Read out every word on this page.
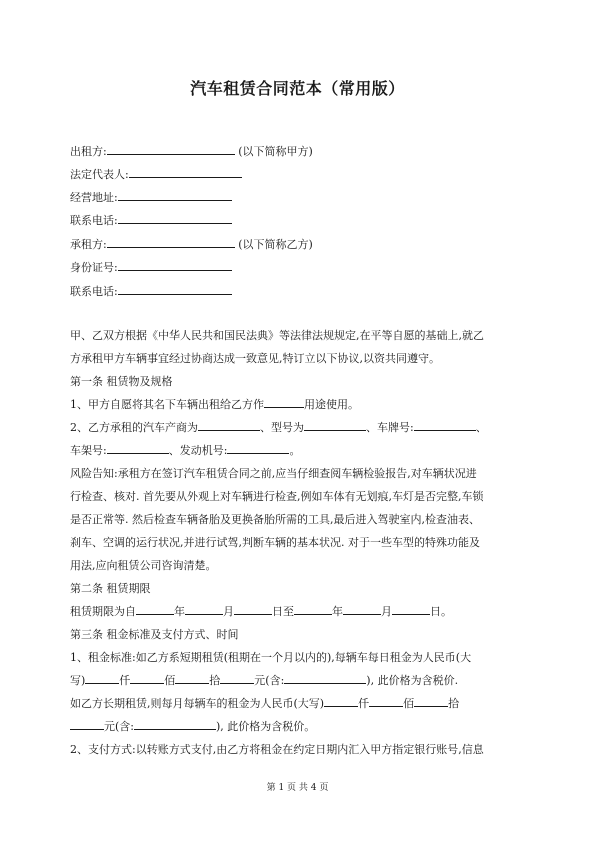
汽车租赁合同范本（常用版）
出租方:	(以下简称甲方)
法定代表人:
经营地址:
联系电话:
承租方:	(以下简称乙方)
身份证号:
联系电话:
甲、乙双方根据《中华人民共和国民法典》等法律法规规定,在平等自愿的基础上,就乙
方承租甲方车辆事宜经过协商达成一致意见,特订立以下协议,以资共同遵守。
第一条 租赁物及规格
1、甲方自愿将其名下车辆出租给乙方作	用途使用。
2、乙方承租的汽车产商为	、型号为	、车牌号:	、
车架号:	、发动机号:	。
风险告知:承租方在签订汽车租赁合同之前,应当仔细查阅车辆检验报告,对车辆状况进
行检查、核对. 首先要从外观上对车辆进行检查,例如车体有无划痕,车灯是否完整,车锁
是否正常等. 然后检查车辆备胎及更换备胎所需的工具,最后进入驾驶室内,检查油表、
刹车、空调的运行状况,并进行试驾,判断车辆的基本状况. 对于一些车型的特殊功能及
用法,应向租赁公司咨询清楚。
第二条 租赁期限
租赁期限为自	年	月	日至	年	月	日。
第三条 租金标准及支付方式、时间
1、租金标准:如乙方系短期租赁(租期在一个月以内的),每辆车每日租金为人民币(大
写)	仟	佰	拾	元(含:	), 此价格为含税价.
如乙方长期租赁,则每月每辆车的租金为人民币(大写)	仟	佰	拾
元(含:	), 此价格为含税价。
2、支付方式:以转账方式支付,由乙方将租金在约定日期内汇入甲方指定银行账号,信息
第 1 页 共 4 页
